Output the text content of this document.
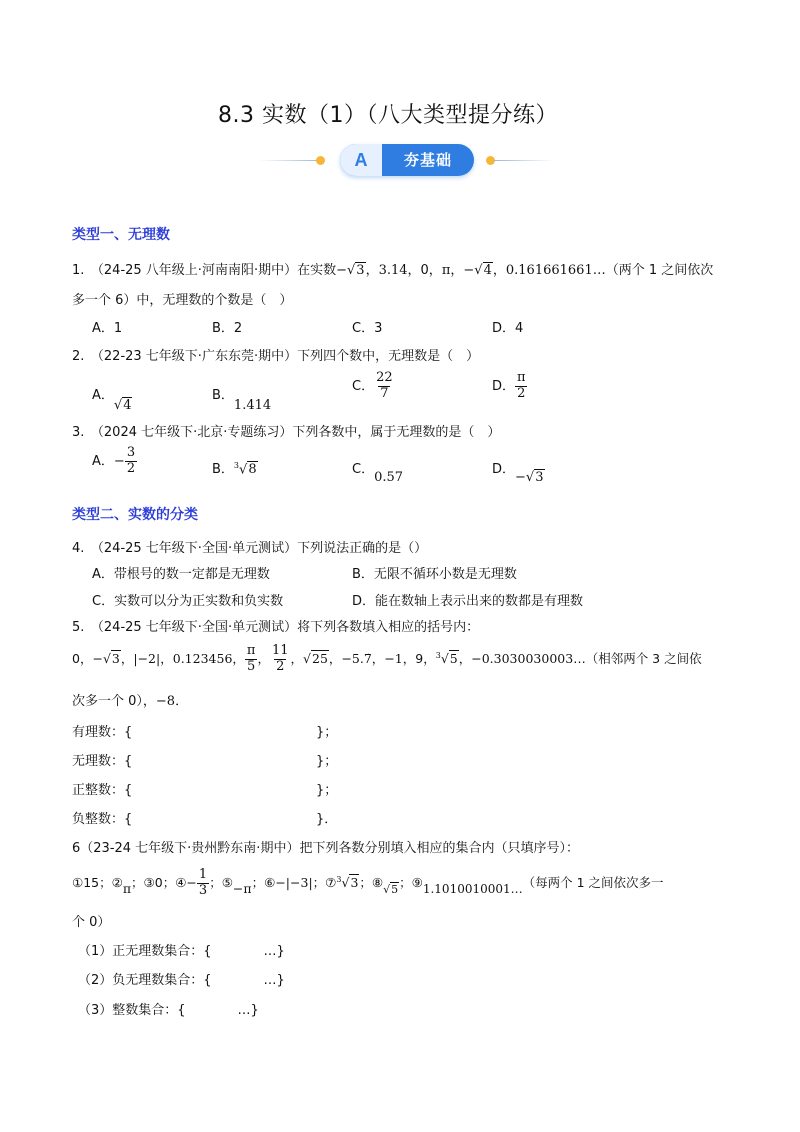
8.3 实数（1）（八大类型提分练）
A	夯基础
类型一、无理数
1.　（24-25 八年级上·河南南阳·期中）在实数−√3，3.14，0，π，−√4，0.161661661…（两个 1 之间依次
多一个 6）中，无理数的个数是（　）
A．1	B．2	C．3	D．4
2.　（22-23 七年级下·广东东莞·期中）下列四个数中，无理数是（　）
A．√4
B．1.414
C． $\frac{22}{7}$	D． $\frac{\pi}{2}$
3.　（2024 七年级下·北京·专题练习）下列各数中，属于无理数的是（　）
A．− $\frac{3}{2}$	B．$^3$√8	C．0.57
D．−√3
类型二、实数的分类
4.　（24-25 七年级下·全国·单元测试）下列说法正确的是（）
A．带根号的数一定都是无理数	B．无限不循环小数是无理数
C．实数可以分为正实数和负实数	D．能在数轴上表示出来的数都是有理数
5.　（24-25 七年级下·全国·单元测试）将下列各数填入相应的括号内：
0，−√3，|−2|，0.123456， $\frac{\pi}{5}$ ， $\frac{11}{2}$ ，√25，−5.7̇，−1，9，$^3$√5，−0.3030030003…（相邻两个 3 之间依
次多一个 0），−8．
有理数：{	}；
无理数：{	}；
正整数：{	}；
负整数：{	}．
6（23-24 七年级下·贵州黔东南·期中）把下列各数分别填入相应的集合内（只填序号）：
①15；②π；③0；④− $\frac{1}{3}$ ；⑤−π；⑥−|−3|；⑦$^3$√3；⑧√5；⑨1.1010010001…（每两个 1 之间依次多一
个 0）
（1）正无理数集合：{　　　　…}
（2）负无理数集合：{　　　　…}
（3）整数集合：{　　　　…}
